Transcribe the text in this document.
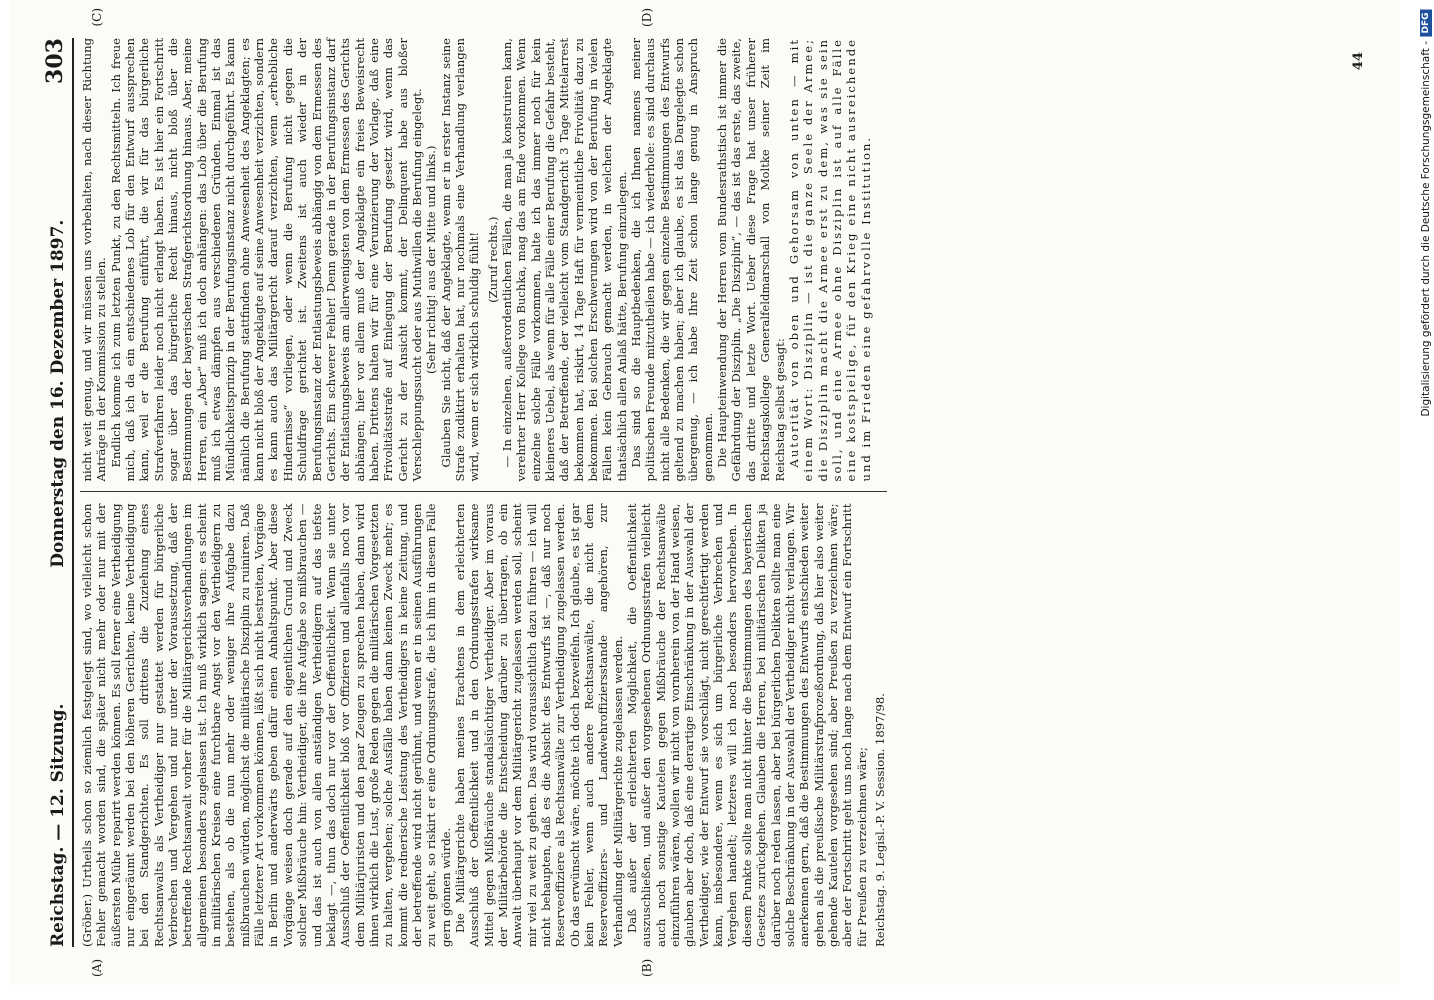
Reichstag. — 12. Sitzung.
Donnerstag den 16. Dezember 1897.
303
(A)	(B)

(Gröber.) Urtheils schon so ziemlich festgelegt sind, wo vielleicht schon Fehler gemacht worden sind, die später nicht mehr oder nur mit der äußersten Mühe reparirt werden können. Es soll ferner eine Vertheidigung nur eingeräumt werden bei den höheren Gerichten, keine Vertheidigung bei den Standgerichten. Es soll drittens die Zuziehung eines Rechtsanwalts als Vertheidiger nur gestattet werden für bürgerliche Verbrechen und Vergehen und nur unter der Voraussetzung, daß der betreffende Rechtsanwalt vorher für die Militärgerichtsverhandlungen im allgemeinen besonders zugelassen ist. Ich muß wirklich sagen: es scheint in militärischen Kreisen eine furchtbare Angst vor den Vertheidigern zu bestehen, als ob die nun mehr oder weniger ihre Aufgabe dazu mißbrauchen würden, möglichst die militärische Disziplin zu ruiniren. Daß Fälle letzterer Art vorkommen können, läßt sich nicht bestreiten, Vorgänge in Berlin und anderwärts geben dafür einen Anhaltspunkt. Aber diese Vorgänge weisen doch gerade auf den eigentlichen Grund und Zweck solcher Mißbräuche hin: Vertheidiger, die ihre Aufgabe so mißbrauchen — und das ist auch von allen anständigen Vertheidigern auf das tiefste beklagt —, thun das doch nur vor der Oeffentlichkeit. Wenn sie unter Ausschluß der Oeffentlichkeit bloß vor Offizieren und allenfalls noch vor dem Militärjuristen und den paar Zeugen zu sprechen haben, dann wird ihnen wirklich die Lust, große Reden gegen die militärischen Vorgesetzten zu halten, vergehen; solche Ausfälle haben dann keinen Zweck mehr; es kommt die rednerische Leistung des Vertheidigers in keine Zeitung, und der betreffende wird nicht gerühmt, und wenn er in seinen Ausführungen zu weit geht, so riskirt er eine Ordnungsstrafe, die ich ihm in diesem Falle gern gönnen würde. Die Militärgerichte haben meines Erachtens in dem erleichterten Ausschluß der Oeffentlichkeit und in den Ordnungsstrafen wirksame Mittel gegen Mißbräuche standalsüchtiger Vertheidiger. Aber im voraus der Militärbehörde die Entscheidung darüber zu übertragen, ob ein Anwalt überhaupt vor dem Militärgericht zugelassen werden soll, scheint mir viel zu weit zu gehen. Das wird voraussichtlich dazu führen — ich will nicht behaupten, daß es die Absicht des Entwurfs ist —, daß nur noch Reserveoffiziere als Rechtsanwälte zur Vertheidigung zugelassen werden. Ob das erwünscht wäre, möchte ich doch bezweifeln. Ich glaube, es ist gar kein Fehler, wenn auch andere Rechtsanwälte, die nicht dem Reserveoffiziers- und Landwehroffiziersstande angehören, zur Verhandlung der Militärgerichte zugelassen werden. Daß außer der erleichterten Möglichkeit, die Oeffentlichkeit auszuschließen, und außer den vorgesehenen Ordnungsstrafen vielleicht auch noch sonstige Kautelen gegen Mißbräuche der Rechtsanwälte einzuführen wären, wollen wir nicht von vornherein von der Hand weisen, glauben aber doch, daß eine derartige Einschränkung in der Auswahl der Vertheidiger, wie der Entwurf sie vorschlägt, nicht gerechtfertigt werden kann, insbesondere, wenn es sich um bürgerliche Verbrechen und Vergehen handelt; letzteres will ich noch besonders hervorheben. In diesem Punkte sollte man nicht hinter die Bestimmungen des bayerischen Gesetzes zurückgehen. Glauben die Herren, bei militärischen Delikten ja darüber noch reden lassen, aber bei bürgerlichen Delikten sollte man eine solche Beschränkung in der Auswahl der Vertheidiger nicht verlangen. Wir anerkennen gern, daß die Bestimmungen des Entwurfs entschieden weiter gehen als die preußische Militärstrafprozeßordnung, daß hier also weiter gehende Kautelen vorgesehen sind; aber Preußen zu verzeichnen wäre; aber der Fortschritt geht uns noch lange nach dem Entwurf ein Fortschritt für Preußen zu verzeichnen wäre; Reichstag. 9. Legisl.-P. V. Session. 1897/98.
(C)	(D)

nicht weit genug, und wir müssen uns vorbehalten, nach dieser Richtung Anträge in der Kommission zu stellen. Endlich komme ich zum letzten Punkt, zu den Rechtsmitteln. Ich freue mich, daß ich da ein entschiedenes Lob für den Entwurf aussprechen kann, weil er die Berufung einführt, die wir für das bürgerliche Strafverfahren leider noch nicht erlangt haben. Es ist hier ein Fortschritt sogar über das bürgerliche Recht hinaus, nicht bloß über die Bestimmungen der bayerischen Strafgerichtsordnung hinaus. Aber, meine Herren, ein „Aber“ muß ich doch anhängen: das Lob über die Berufung muß ich etwas dämpfen aus verschiedenen Gründen. Einmal ist das Mündlichkeitsprinzip in der Berufungsinstanz nicht durchgeführt. Es kann nämlich die Berufung stattfinden ohne Anwesenheit des Angeklagten; es kann nicht bloß der Angeklagte auf seine Anwesenheit verzichten, sondern es kann auch das Militärgericht darauf verzichten, wenn „erhebliche Hindernisse“ vorliegen, oder wenn die Berufung nicht gegen die Schuldfrage gerichtet ist. Zweitens ist auch wieder in der Berufungsinstanz der Entlastungsbeweis abhängig von dem Ermessen des Gerichts. Ein schwerer Fehler! Denn gerade in der Berufungsinstanz darf der Entlastungsbeweis am allerwenigsten von dem Ermessen des Gerichts abhängen; hier vor allem muß der Angeklagte ein freies Beweisrecht haben. Drittens halten wir für eine Verunzierung der Vorlage, daß eine Frivolitätsstrafe auf Einlegung der Berufung gesetzt wird, wenn das Gericht zu der Ansicht kommt, der Delinquent habe aus bloßer Verschleppungssucht oder aus Muthwillen die Berufung eingelegt. (Sehr richtig! aus der Mitte und links.) Glauben Sie nicht, daß der Angeklagte, wenn er in erster Instanz seine Strafe zudiktirt erhalten hat, nur nochmals eine Verhandlung verlangen wird, wenn er sich wirklich schuldig fühlt! (Zuruf rechts.) — In einzelnen, außerordentlichen Fällen, die man ja konstruiren kann, verehrter Herr Kollege von Buchka, mag das am Ende vorkommen. Wenn einzelne solche Fälle vorkommen, halte ich das immer noch für kein kleineres Uebel, als wenn für alle Fälle einer Berufung die Gefahr besteht, daß der Betreffende, der vielleicht vom Standgericht 3 Tage Mittelarrest bekommen hat, riskirt, 14 Tage Haft für vermeintliche Frivolität dazu zu bekommen. Bei solchen Erschwerungen wird von der Berufung in vielen Fällen kein Gebrauch gemacht werden, in welchen der Angeklagte thatsächlich allen Anlaß hätte, Berufung einzulegen. Das sind so die Hauptbedenken, die ich Ihnen namens meiner politischen Freunde mitzutheilen habe — ich wiederhole: es sind durchaus nicht alle Bedenken, die wir gegen einzelne Bestimmungen des Entwurfs geltend zu machen haben; aber ich glaube, es ist das Dargelegte schon übergenug, — ich habe Ihre Zeit schon lange genug in Anspruch genommen. Die Haupteinwendung der Herren vom Bundesrathstisch ist immer die Gefährdung der Disziplin. „Die Disziplin“, — das ist das erste, das zweite, das dritte und letzte Wort. Ueber diese Frage hat unser früherer Reichstagskollege Generalfeldmarschall von Moltke seiner Zeit im Reichstag selbst gesagt: Autorität von oben und Gehorsam von unten — mit einem Wort: Disziplin — ist die ganze Seele der Armee; die Disziplin macht die Armee erst zu dem, was sie sein soll, und eine Armee ohne Disziplin ist auf alle Fälle eine kostspielige, für den Krieg eine nicht ausreichende und im Frieden eine gefahrvolle Institution.

44	Digitalisierung gefördert durch die Deutsche Forschungsgemeinschaft -
DFG
